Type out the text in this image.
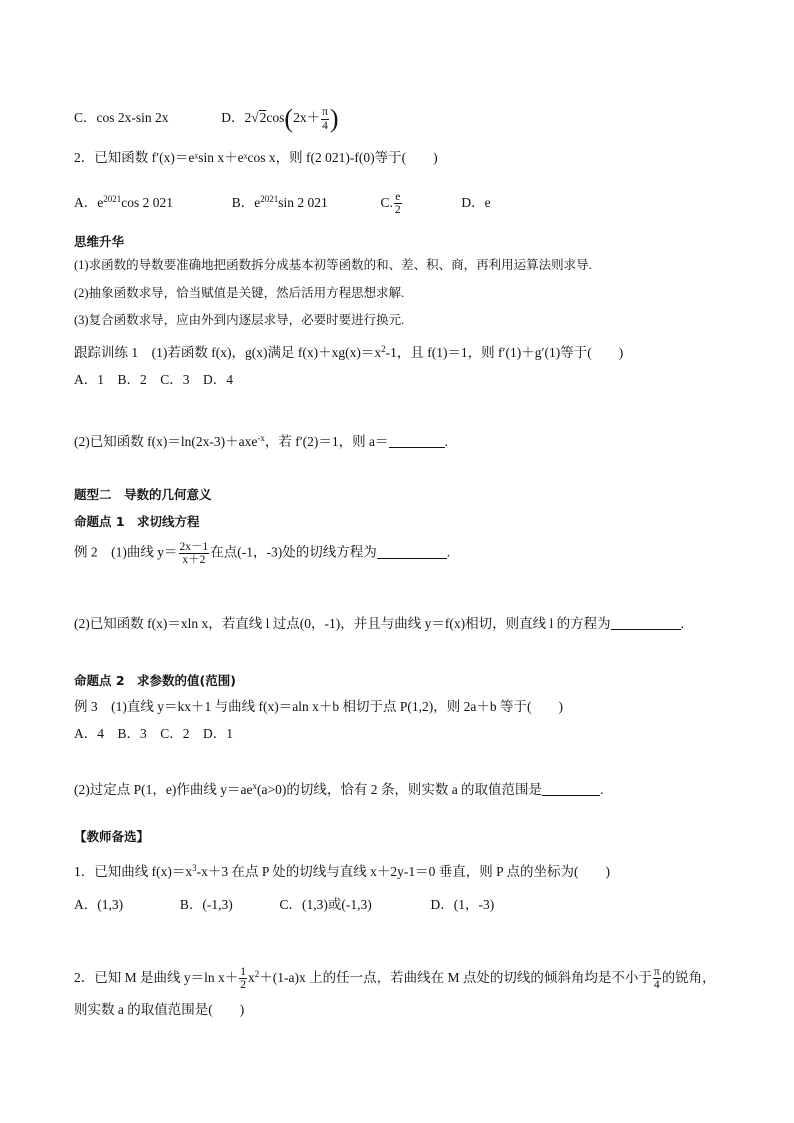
C．cos 2x-sin 2x	D．$2√2\cos(2x+ \frac{\pi}{4}$ )
2．已知函数 f′(x)＝eˣsin x＋eˣcos x，则 f(2 021)-f(0)等于(　　)
A．$e^{2021}\cos$ 2 021	B．$e^{2021}\sin$ 2 021	C. $\frac{e}{2}$	D．e
思维升华
(1)求函数的导数要准确地把函数拆分成基本初等函数的和、差、积、商，再利用运算法则求导.
(2)抽象函数求导，恰当赋值是关键，然后活用方程思想求解.
(3)复合函数求导，应由外到内逐层求导，必要时要进行换元.
跟踪训练 1　(1)若函数 f(x)，g(x)满足 $f(x)+xg(x)=x^2-1$，且 f(1)＝1，则 f′(1)＋g′(1)等于(　　)
A．1　B．2　C．3　D．4
(2)已知函数 f(x)＝ln(2x-3)＋axe$^{-x}$，若 f′(2)＝1，则 a＝	.
题型二　导数的几何意义
命题点 1　求切线方程
例 2　(1)曲线 $y= \frac{2x-1}{x+2}$ 在点(-1，-3)处的切线方程为	.
(2)已知函数 f(x)＝xln x，若直线 l 过点(0，-1)，并且与曲线 y＝f(x)相切，则直线 l 的方程为	.
命题点 2　求参数的值(范围)
例 3　(1)直线 y＝kx＋1 与曲线 f(x)＝aln x＋b 相切于点 P(1,2)，则 2a＋b 等于(　　)
A．4　B．3　C．2　D．1
(2)过定点 P(1，e)作曲线 $y=ae^x(a>0)$的切线，恰有 2 条，则实数 a 的取值范围是	.
【教师备选】
1．已知曲线 $f(x)=x^3-x+3$ 在点 P 处的切线与直线 x＋2y-1＝0 垂直，则 P 点的坐标为(　　)
A．(1,3)	B．(-1,3)	C．(1,3)或(-1,3)	D．(1，-3)
2．已知 M 是曲线 y＝ln $x+ \frac{1}{2} x^2+(1-a)x$ 上的任一点，若曲线在 M 点处的切线的倾斜角均是不小于 $\frac{\pi}{4}$ 的锐角，
则实数 a 的取值范围是(　　)
